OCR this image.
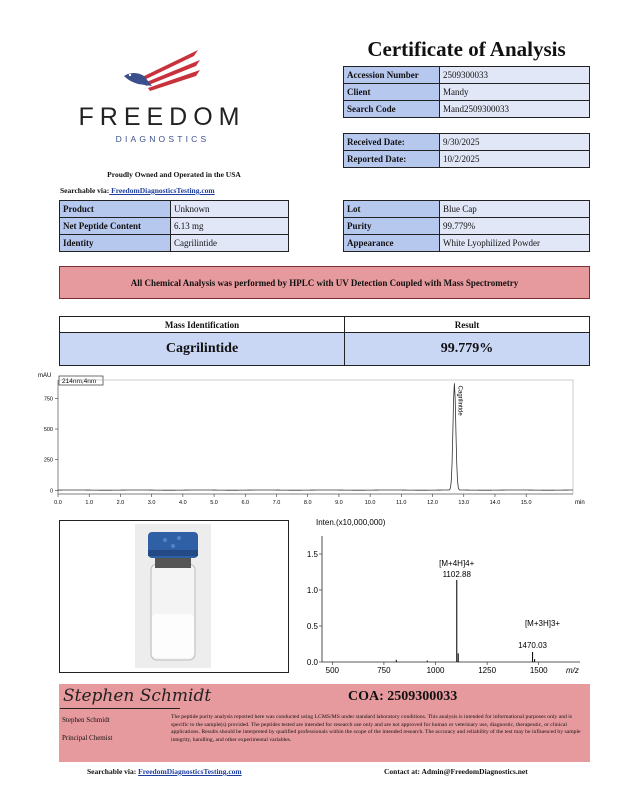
FREEDOM
DIAGNOSTICS
Proudly Owned and Operated in the USA
Searchable via: FreedomDiagnosticsTesting.com
Certificate of Analysis
Accession Number	2509300033
Client	Mandy
Search Code	Mand2509300033
Received Date:	9/30/2025
Reported Date:	10/2/2025
Product	Unknown
Net Peptide Content	6.13 mg
Identity	Cagrilintide
Lot	Blue Cap
Purity	99.779%
Appearance	White Lyophilized Powder
All Chemical Analysis was performed by HPLC with UV Detection Coupled with Mass Spectrometry
Mass Identification	Result
Cagrilintide	99.779%
mAU
214nm,4nm
750
500
250
0
0.0	1.0	2.0	3.0	4.0	5.0	6.0	7.0	8.0	9.0	10.0	11.0	12.0	13.0	14.0	15.0
Cagrilintide
min
Inten.(x10,000,000)
0.0
0.5
1.0
1.5
500	750	1000	1250	1500
[M+4H]4+
1102.88
[M+3H]3+
1470.03
m/z
Stephen Schmidt	COA: 2509300033
Stephen Schmidt
Principal Chemist
The peptide purity analysis reported here was conducted using LCMS/MS under standard laboratory conditions. This analysis is intended for informational purposes only and is specific to the sample(s) provided. The peptides tested are intended for research use only and are not approved for human or veterinary use, diagnostic, therapeutic, or clinical applications. Results should be interpreted by qualified professionals within the scope of the intended research. The accuracy and reliability of the test may be influenced by sample integrity, handling, and other experimental variables.
Searchable via: FreedomDiagnosticsTesting.com	Contact at: Admin@FreedomDiagnostics.net
